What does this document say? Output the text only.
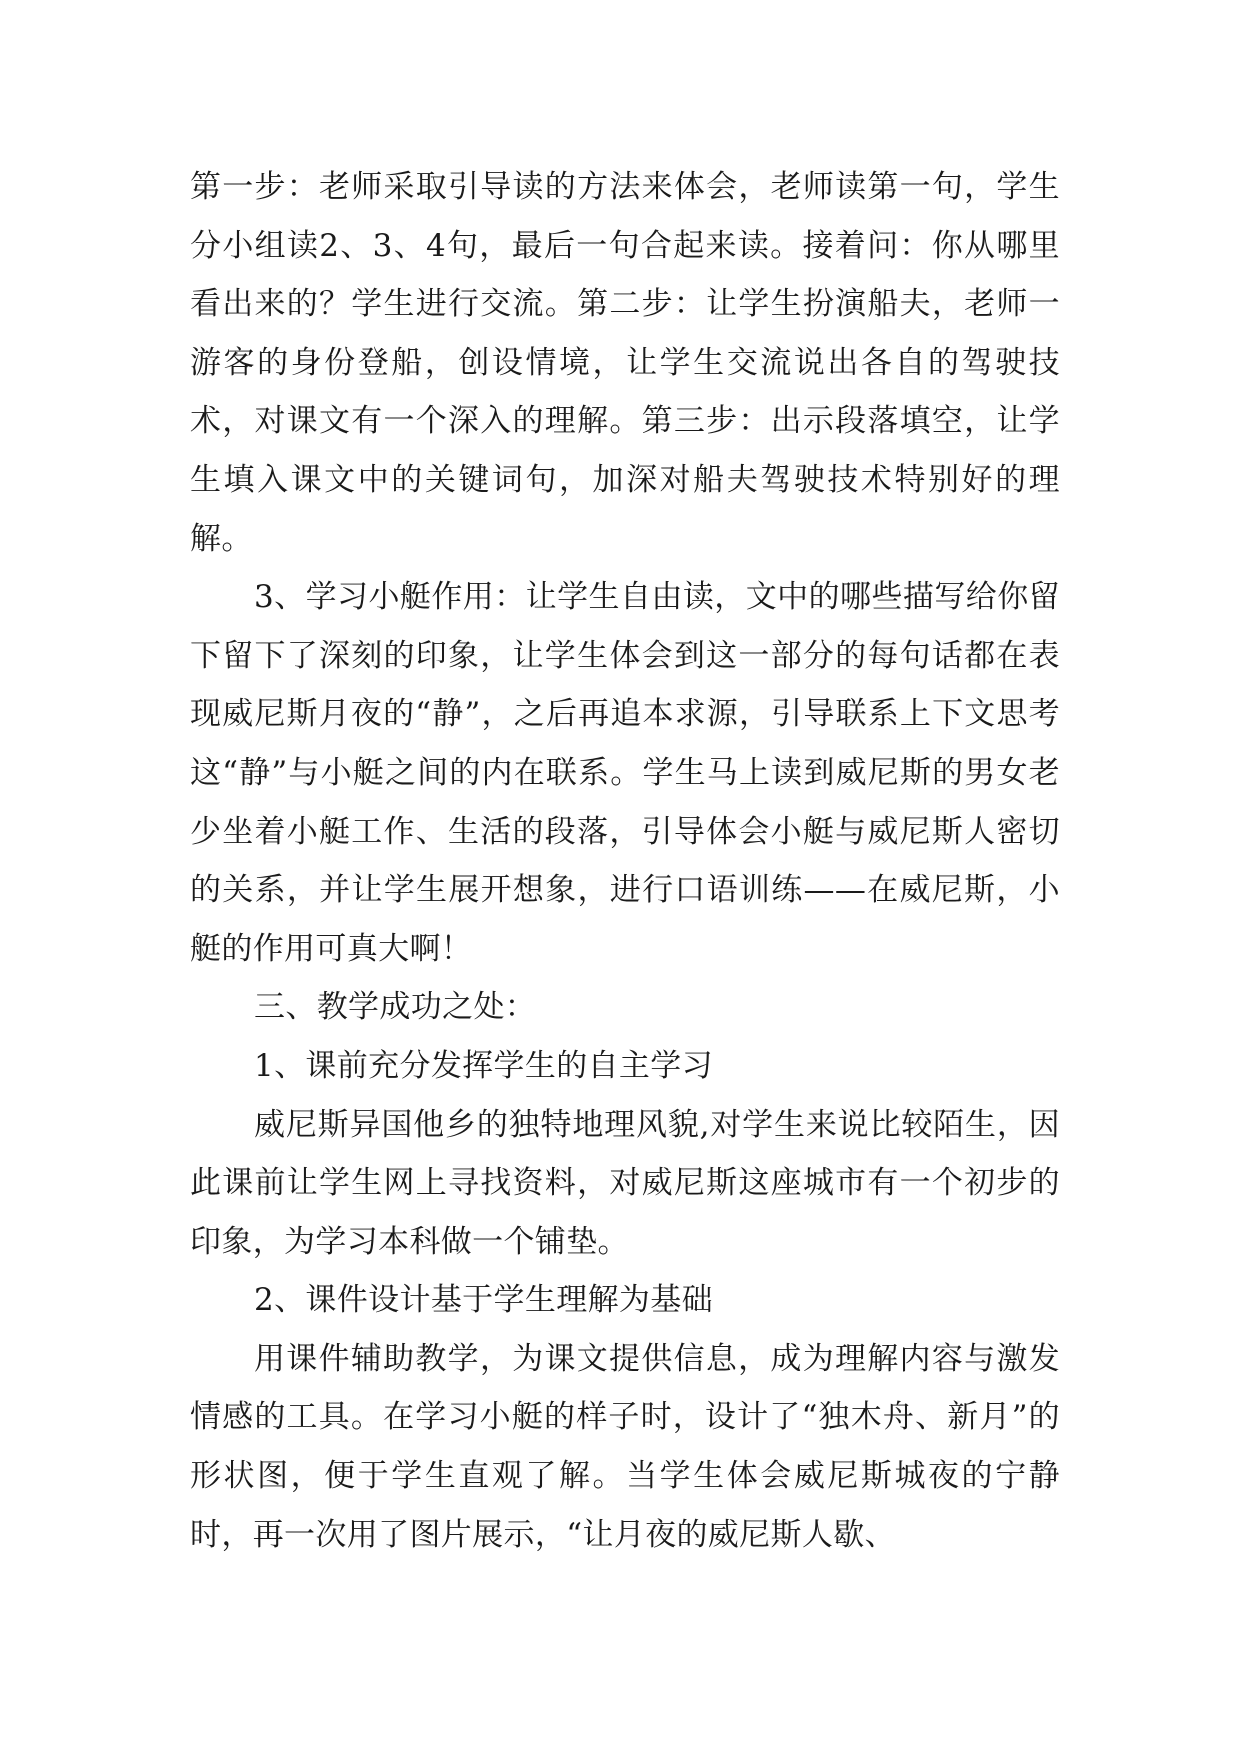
第一步：老师采取引导读的方法来体会，老师读第一句，学生分小组读2、3、4句，最后一句合起来读。接着问：你从哪里看出来的？学生进行交流。第二步：让学生扮演船夫，老师一游客的身份登船，创设情境，让学生交流说出各自的驾驶技术，对课文有一个深入的理解。第三步：出示段落填空，让学生填入课文中的关键词句，加深对船夫驾驶技术特别好的理解。

3、学习小艇作用：让学生自由读，文中的哪些描写给你留下留下了深刻的印象，让学生体会到这一部分的每句话都在表现威尼斯月夜的“静”，之后再追本求源，引导联系上下文思考这“静”与小艇之间的内在联系。学生马上读到威尼斯的男女老少坐着小艇工作、生活的段落，引导体会小艇与威尼斯人密切的关系，并让学生展开想象，进行口语训练——在威尼斯，小艇的作用可真大啊！

三、教学成功之处：

1、课前充分发挥学生的自主学习

威尼斯异国他乡的独特地理风貌,对学生来说比较陌生，因此课前让学生网上寻找资料，对威尼斯这座城市有一个初步的印象，为学习本科做一个铺垫。

2、课件设计基于学生理解为基础

用课件辅助教学，为课文提供信息，成为理解内容与激发情感的工具。在学习小艇的样子时，设计了“独木舟、新月”的形状图，便于学生直观了解。当学生体会威尼斯城夜的宁静时，再一次用了图片展示，“让月夜的威尼斯人歇、
